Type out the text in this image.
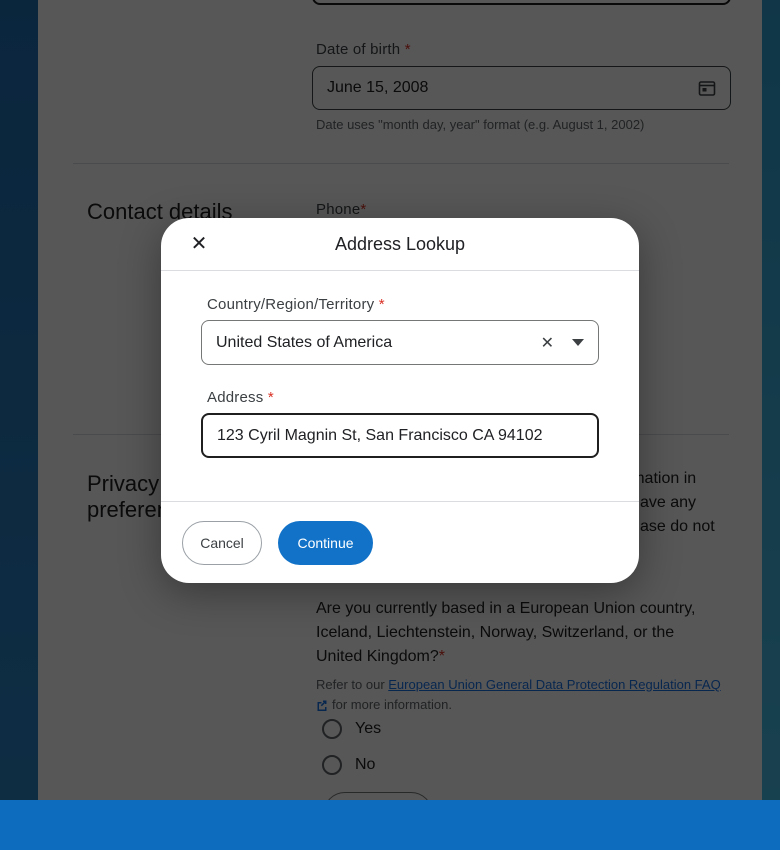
✕	Address Lookup
Country/Region/Territory *
United States of America	✕
Address *
123 Cyril Magnin St, San Francisco CA 94102
Cancel	Continue
